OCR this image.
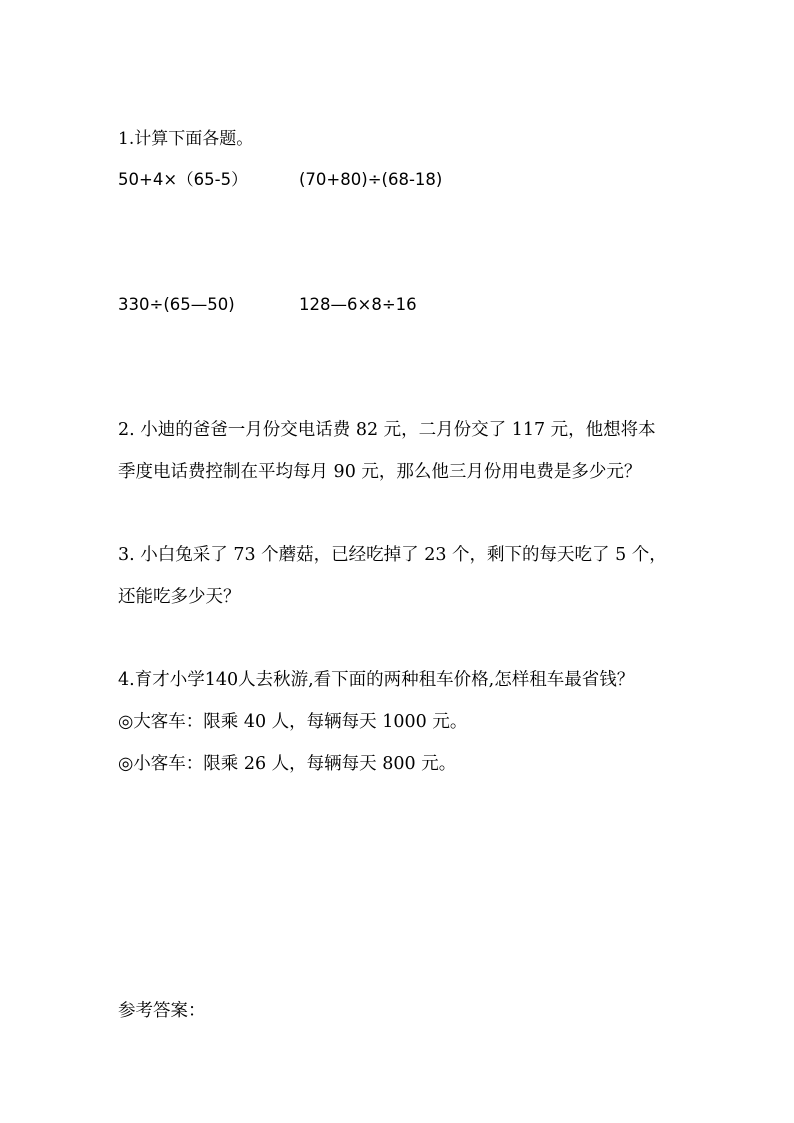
1.计算下面各题。
50+4×（65-5）	(70+80)÷(68-18)
330÷(65—50)	128—6×8÷16
2. 小迪的爸爸一月份交电话费 82 元，二月份交了 117 元，他想将本
季度电话费控制在平均每月 90 元，那么他三月份用电费是多少元？
3. 小白兔采了 73 个蘑菇，已经吃掉了 23 个，剩下的每天吃了 5 个，
还能吃多少天？
4.育才小学140人去秋游,看下面的两种租车价格,怎样租车最省钱？
◎大客车：限乘 40 人，每辆每天 1000 元。
◎小客车：限乘 26 人，每辆每天 800 元。
参考答案：
